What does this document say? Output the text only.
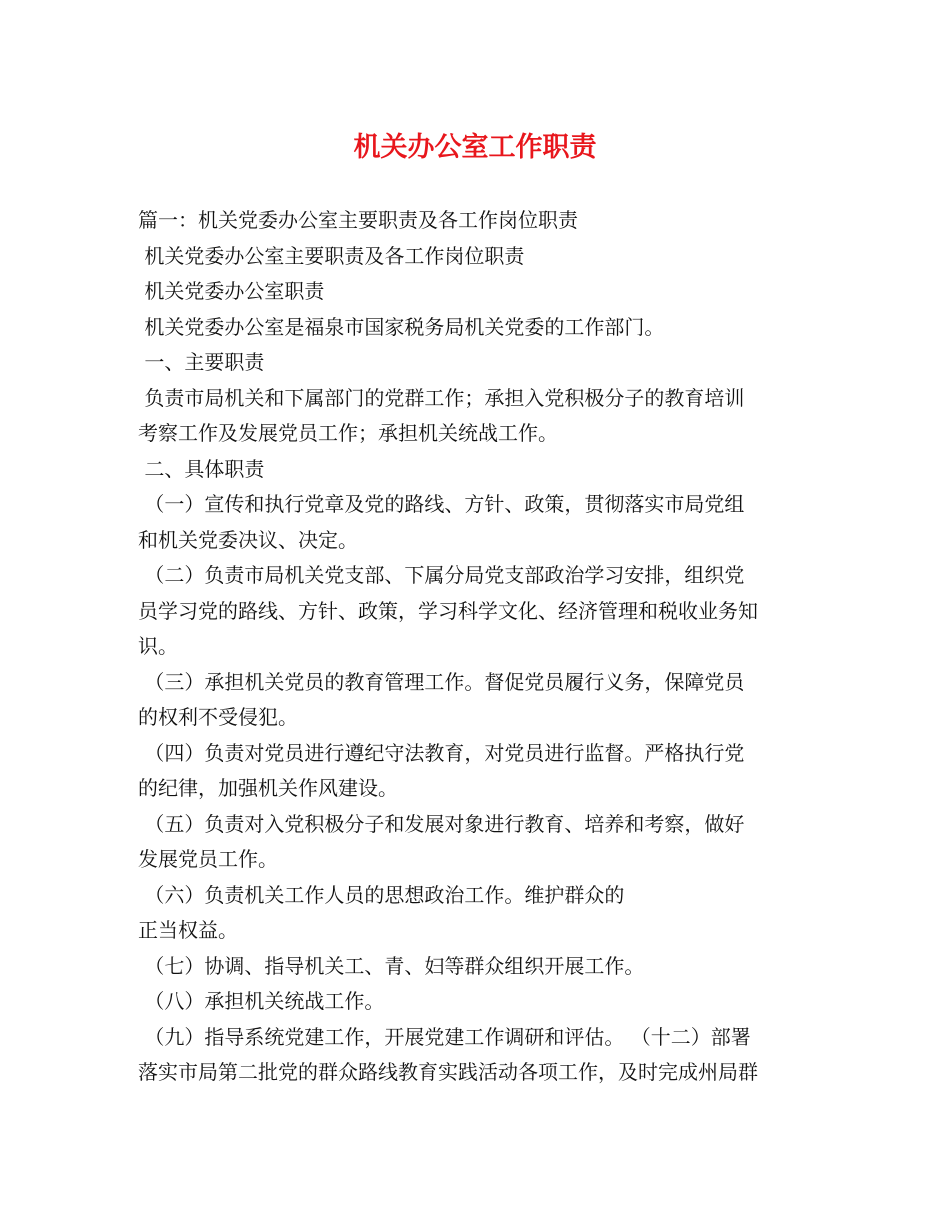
机关办公室工作职责
篇一：机关党委办公室主要职责及各工作岗位职责
机关党委办公室主要职责及各工作岗位职责
机关党委办公室职责
机关党委办公室是福泉市国家税务局机关党委的工作部门。
一、主要职责
负责市局机关和下属部门的党群工作；承担入党积极分子的教育培训
考察工作及发展党员工作；承担机关统战工作。
二、具体职责
（一）宣传和执行党章及党的路线、方针、政策，贯彻落实市局党组
和机关党委决议、决定。
（二）负责市局机关党支部、下属分局党支部政治学习安排，组织党
员学习党的路线、方针、政策，学习科学文化、经济管理和税收业务知
识。
（三）承担机关党员的教育管理工作。督促党员履行义务，保障党员
的权利不受侵犯。
（四）负责对党员进行遵纪守法教育，对党员进行监督。严格执行党
的纪律，加强机关作风建设。
（五）负责对入党积极分子和发展对象进行教育、培养和考察，做好
发展党员工作。
（六）负责机关工作人员的思想政治工作。维护群众的
正当权益。
（七）协调、指导机关工、青、妇等群众组织开展工作。
（八）承担机关统战工作。
（九）指导系统党建工作，开展党建工作调研和评估。 （十二）部署
落实市局第二批党的群众路线教育实践活动各项工作，及时完成州局群
